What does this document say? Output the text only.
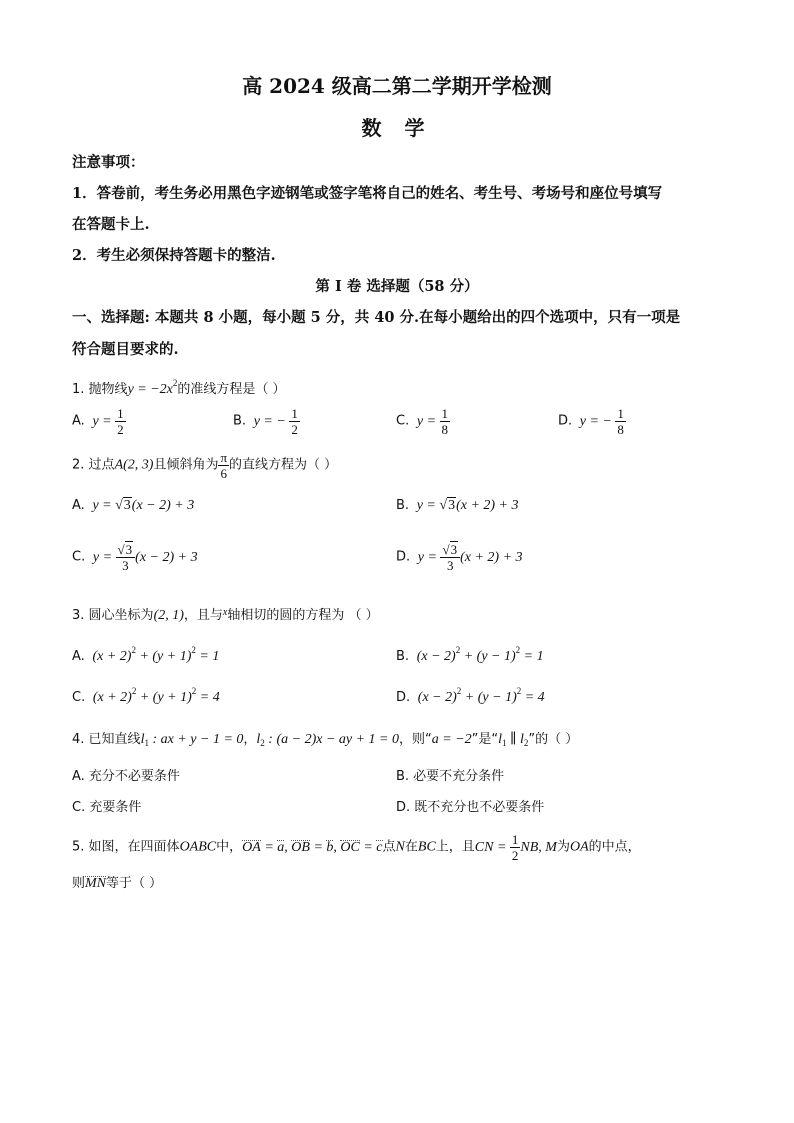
高 2024 级高二第二学期开学检测
数 学
注意事项：
1．答卷前，考生务必用黑色字迹钢笔或签字笔将自己的姓名、考生号、考场号和座位号填写
在答题卡上.
2．考生必须保持答题卡的整洁.
第 I 卷 选择题（58 分）
一、选择题: 本题共 8 小题，每小题 5 分，共 40 分.在每小题给出的四个选项中，只有一项是
符合题目要求的.
1. 抛物线$y = -2x^2$的准线方程是（ ）
A.  $y = \frac{1}{2}$	B.  y = − $\frac{1}{2}$	C.  $y = \frac{1}{8}$	D.  y = − $\frac{1}{8}$
2. 过点A(2, 3)且倾斜角为 $\frac{\pi}{6}$ 的直线方程为（ ）
A.  y = √3(x − 2) + 3	B.  y = √3(x + 2) + 3
C.  $y = \frac{√3}{3} (x - 2) + 3$	D.  $y = \frac{√3}{3} (x + 2) + 3$
3. 圆心坐标为(2, 1)，且与$^x$轴相切的圆的方程为 （ ）
A.  $(x + 2)^2 + (y + 1)^2 = 1$	B.  $(x - 2)^2 + (y - 1)^2 = 1$
C.  $(x + 2)^2 + (y + 1)^2 = 4$	D.  $(x - 2)^2 + (y - 1)^2 = 4$
4. 已知直线$l_1$ : ax + y − 1 = 0，$l_2$ : (a − 2)x − ay + 1 = 0，则“a = −2”是“$l_1$ ∥ $l_2$”的（ ）
A. 充分不必要条件	B. 必要不充分条件
C. 充要条件	D. 既不充分也不必要条件
5. 如图，在四面体OABC中，OA = a, OB = b, OC = c点N在BC上，且CN = $\frac{1}{2}$ NB, M为OA的中点，
则MN等于（ ）
